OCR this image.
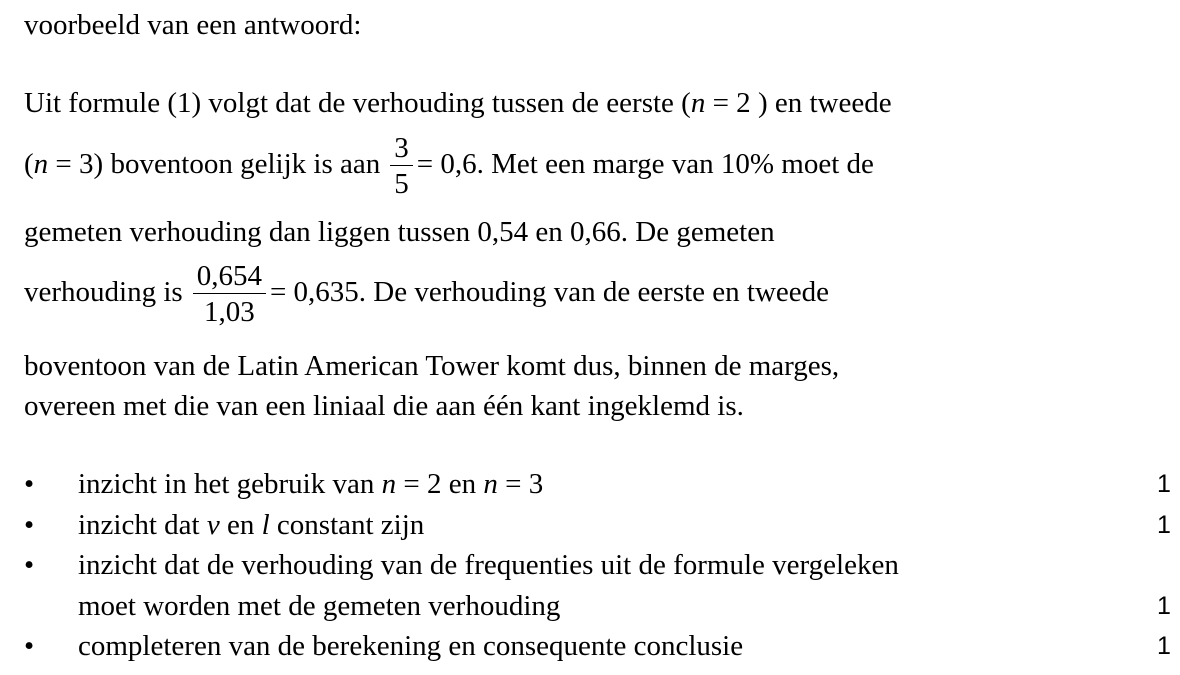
voorbeeld van een antwoord:
Uit formule (1) volgt dat de verhouding tussen de eerste (n = 2 ) en tweede
(n = 3) boventoon gelijk is aan $\frac{3}{5} = 0,6$. Met een marge van 10% moet de
gemeten verhouding dan liggen tussen 0,54 en 0,66. De gemeten
verhouding is $\frac{0,654}{1,03} = 0,635$. De verhouding van de eerste en tweede
boventoon van de Latin American Tower komt dus, binnen de marges,
overeen met die van een liniaal die aan één kant ingeklemd is.
•	inzicht in het gebruik van n = 2 en n = 3	1
•	inzicht dat v en l constant zijn	1
•	inzicht dat de verhouding van de frequenties uit de formule vergeleken
moet worden met de gemeten verhouding	1
•	completeren van de berekening en consequente conclusie	1
